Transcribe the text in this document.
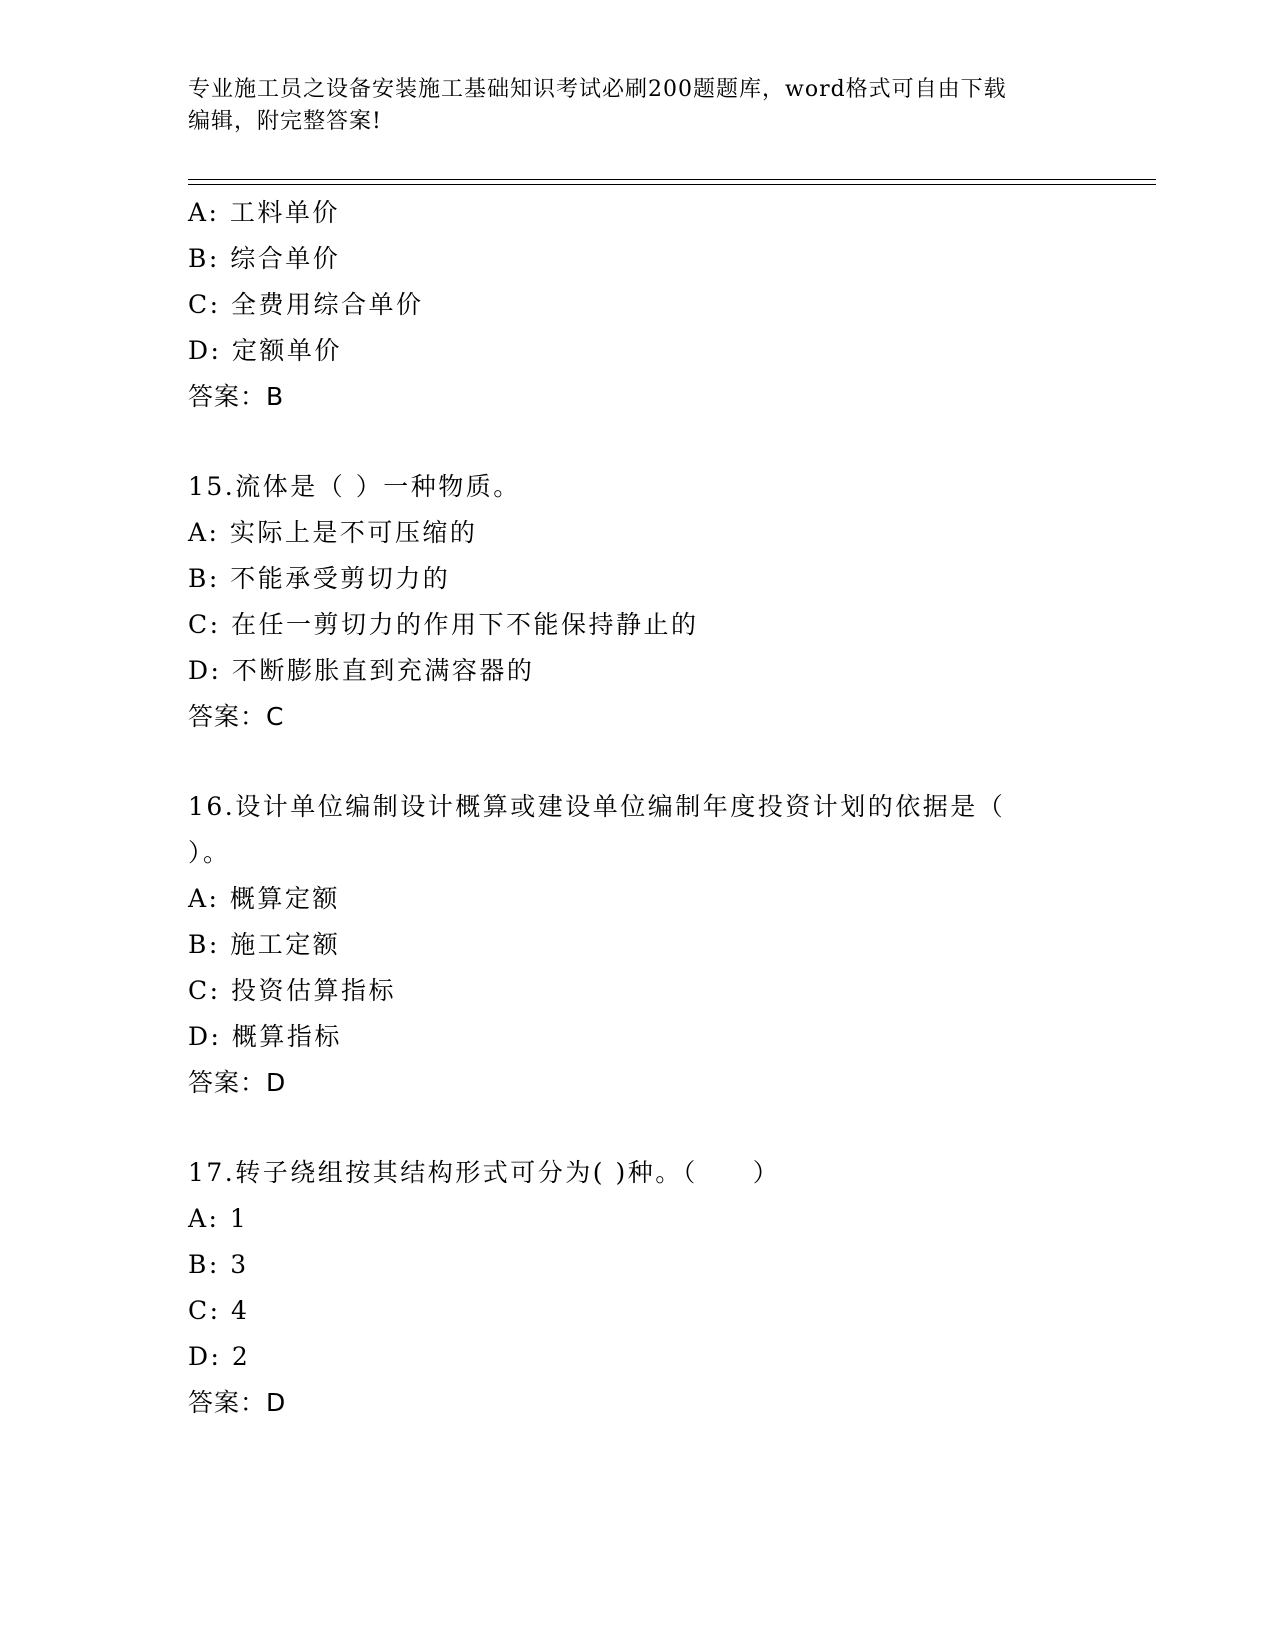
专业施工员之设备安装施工基础知识考试必刷200题题库，word格式可自由下载
编辑，附完整答案!
A: 工料单价
B: 综合单价
C: 全费用综合单价
D: 定额单价
答案：B
15.流体是（ ）一种物质。
A: 实际上是不可压缩的
B: 不能承受剪切力的
C: 在任一剪切力的作用下不能保持静止的
D: 不断膨胀直到充满容器的
答案：C
16.设计单位编制设计概算或建设单位编制年度投资计划的依据是（
）。
A: 概算定额
B: 施工定额
C: 投资估算指标
D: 概算指标
答案：D
17.转子绕组按其结构形式可分为( )种。（　　）
A: 1
B: 3
C: 4
D: 2
答案：D
